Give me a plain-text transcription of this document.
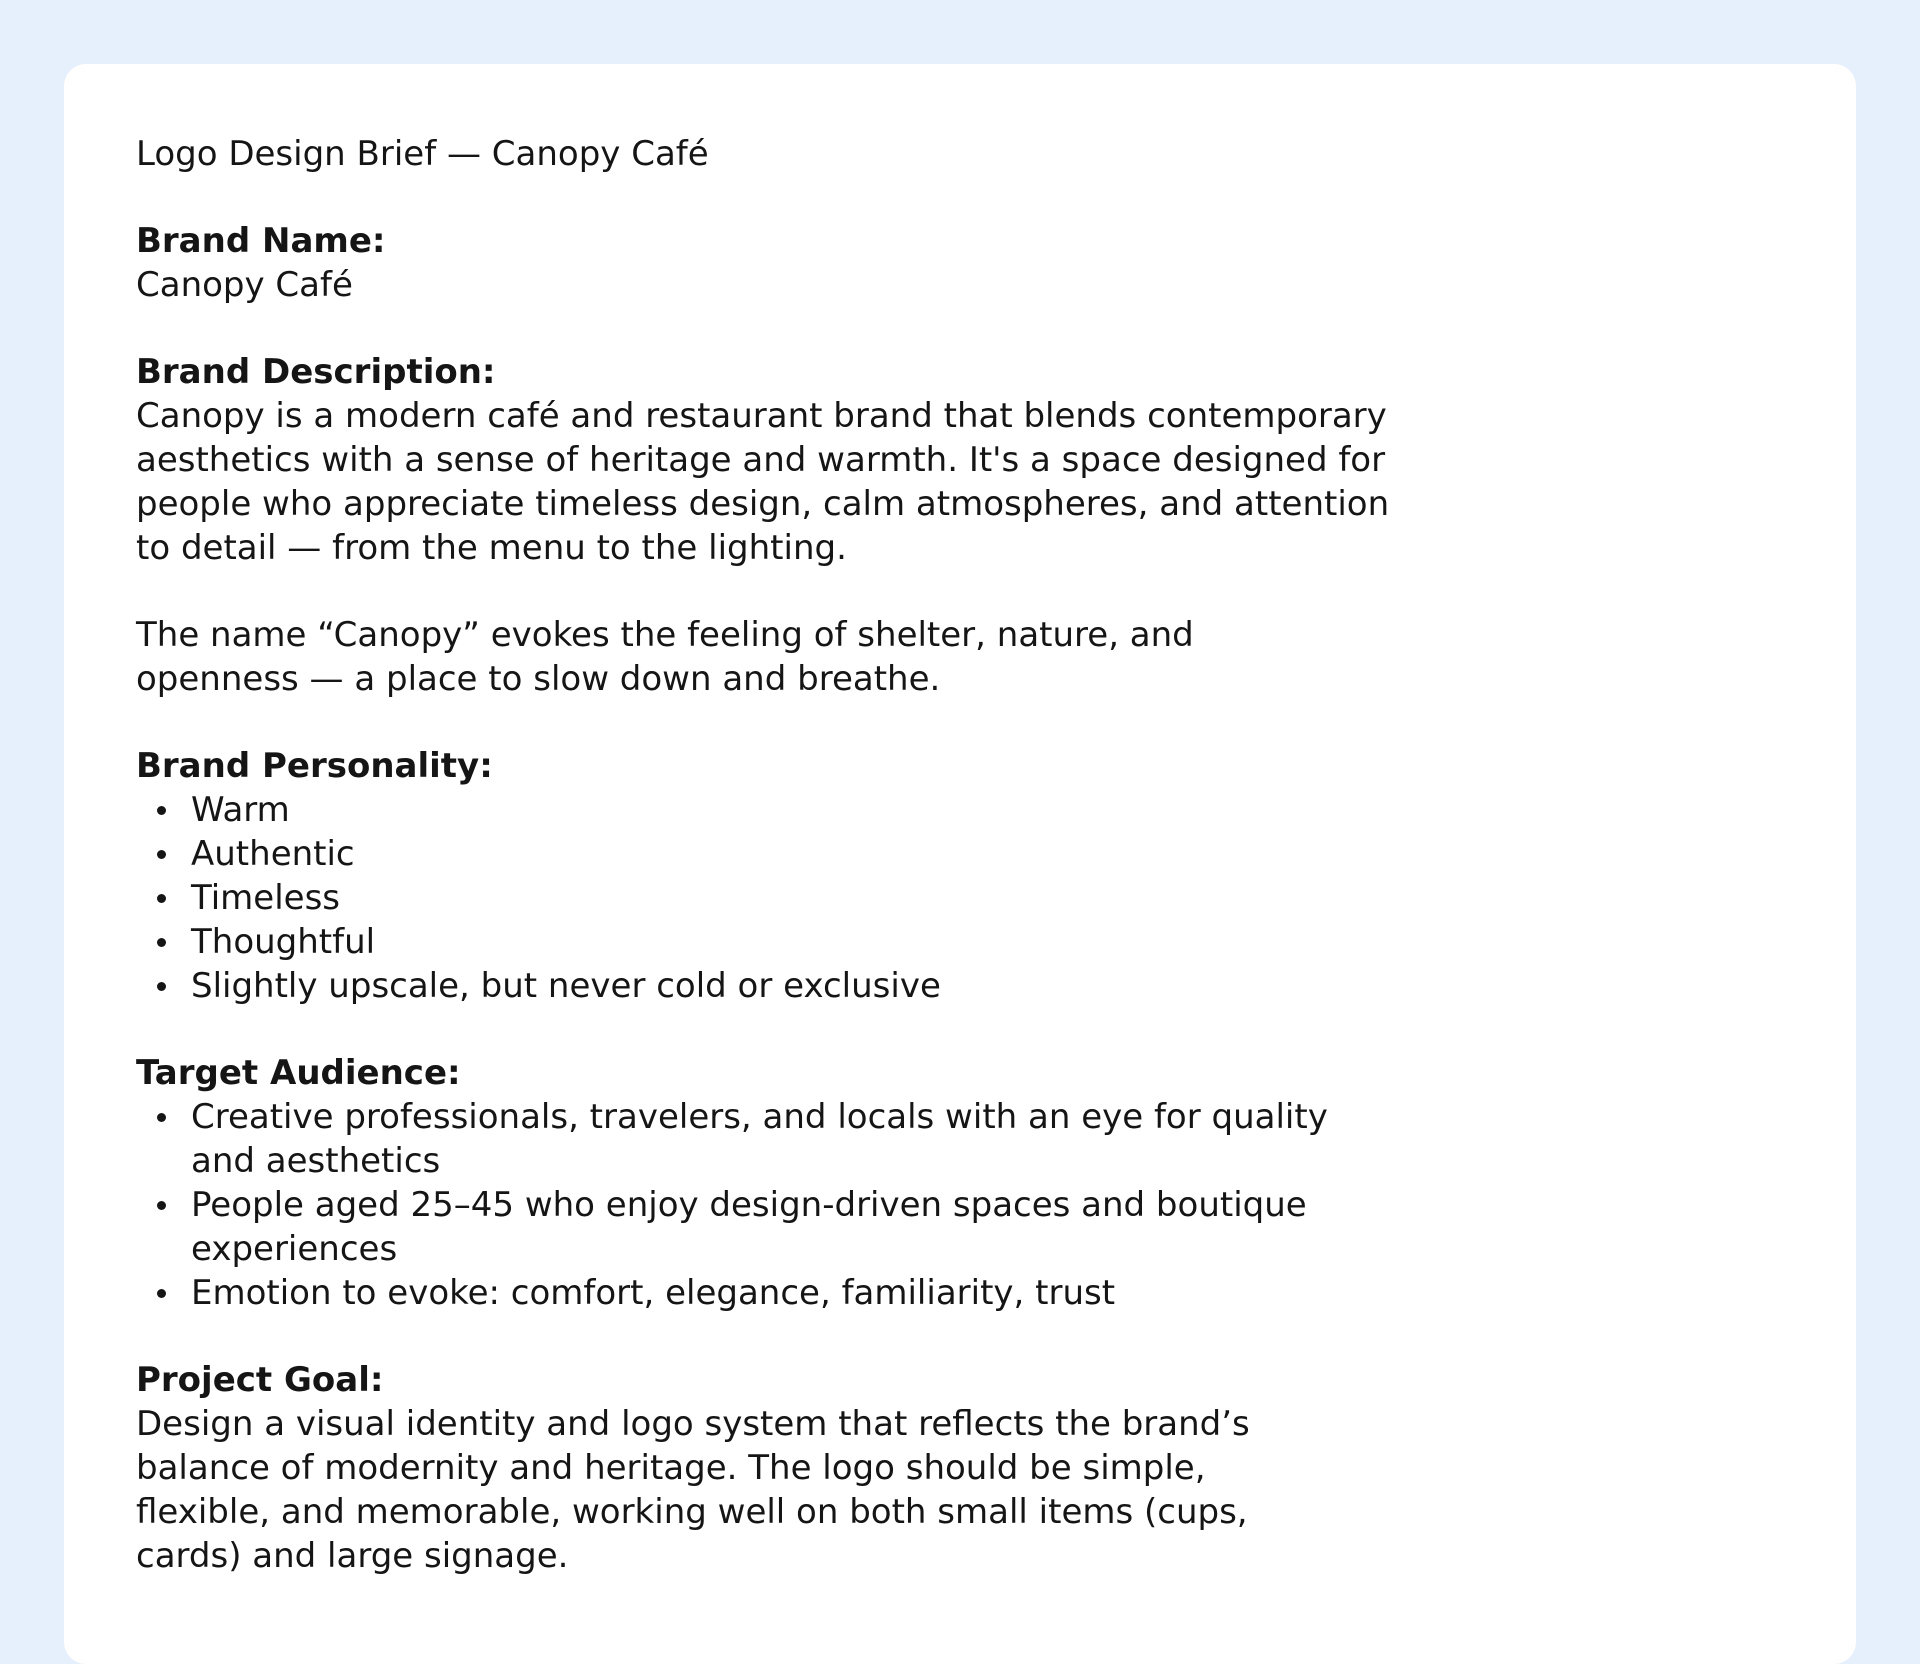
Logo Design Brief — Canopy Café

Brand Name:

Canopy Café

Brand Description:

Canopy is a modern café and restaurant brand that blends contemporary aesthetics with a sense of heritage and warmth. It's a space designed for people who appreciate timeless design, calm atmospheres, and attention to detail — from the menu to the lighting.

The name “Canopy” evokes the feeling of shelter, nature, and openness — a place to slow down and breathe.

Brand Personality:

Warm
Authentic
Timeless
Thoughtful
Slightly upscale, but never cold or exclusive

Target Audience:

Creative professionals, travelers, and locals with an eye for quality and aesthetics
People aged 25–45 who enjoy design-driven spaces and boutique experiences
Emotion to evoke: comfort, elegance, familiarity, trust

Project Goal:

Design a visual identity and logo system that reflects the brand’s balance of modernity and heritage. The logo should be simple, flexible, and memorable, working well on both small items (cups, cards) and large signage.
